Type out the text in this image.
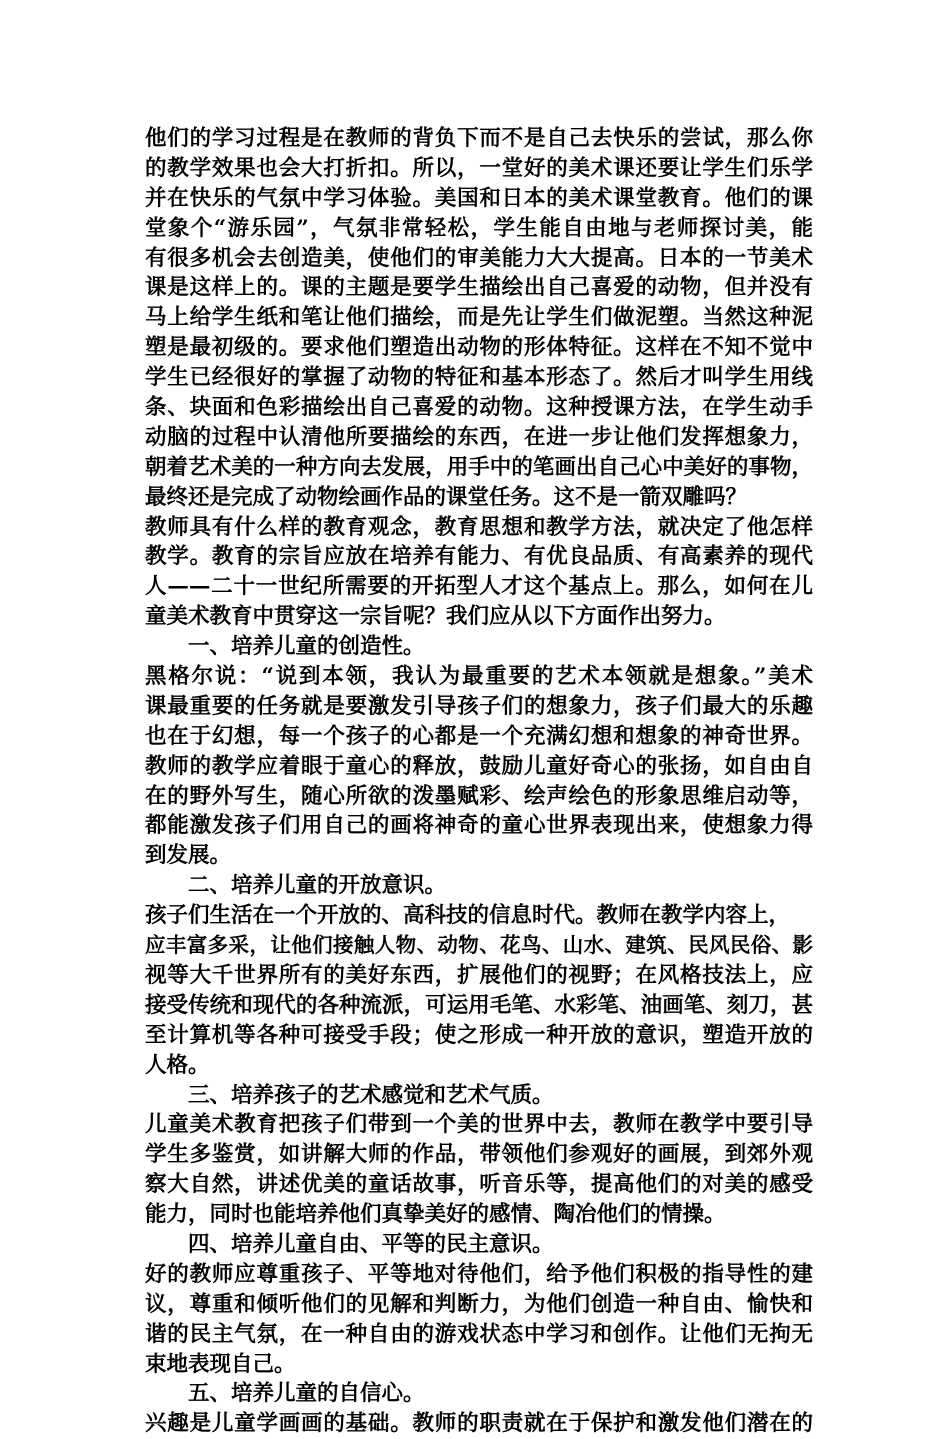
他们的学习过程是在教师的背负下而不是自己去快乐的尝试，那么你
的教学效果也会大打折扣。所以，一堂好的美术课还要让学生们乐学
并在快乐的气氛中学习体验。美国和日本的美术课堂教育。他们的课
堂象个“游乐园”，气氛非常轻松，学生能自由地与老师探讨美，能
有很多机会去创造美，使他们的审美能力大大提高。日本的一节美术
课是这样上的。课的主题是要学生描绘出自己喜爱的动物，但并没有
马上给学生纸和笔让他们描绘，而是先让学生们做泥塑。当然这种泥
塑是最初级的。要求他们塑造出动物的形体特征。这样在不知不觉中
学生已经很好的掌握了动物的特征和基本形态了。然后才叫学生用线
条、块面和色彩描绘出自己喜爱的动物。这种授课方法，在学生动手
动脑的过程中认清他所要描绘的东西，在进一步让他们发挥想象力，
朝着艺术美的一种方向去发展，用手中的笔画出自己心中美好的事物，
最终还是完成了动物绘画作品的课堂任务。这不是一箭双雕吗？
教师具有什么样的教育观念，教育思想和教学方法，就决定了他怎样
教学。教育的宗旨应放在培养有能力、有优良品质、有高素养的现代
人——二十一世纪所需要的开拓型人才这个基点上。那么，如何在儿
童美术教育中贯穿这一宗旨呢？我们应从以下方面作出努力。
一、培养儿童的创造性。
黑格尔说：“说到本领，我认为最重要的艺术本领就是想象。”美术
课最重要的任务就是要激发引导孩子们的想象力，孩子们最大的乐趣
也在于幻想，每一个孩子的心都是一个充满幻想和想象的神奇世界。
教师的教学应着眼于童心的释放，鼓励儿童好奇心的张扬，如自由自
在的野外写生，随心所欲的泼墨赋彩、绘声绘色的形象思维启动等，
都能激发孩子们用自己的画将神奇的童心世界表现出来，使想象力得
到发展。
二、培养儿童的开放意识。
孩子们生活在一个开放的、高科技的信息时代。教师在教学内容上，
应丰富多采，让他们接触人物、动物、花鸟、山水、建筑、民风民俗、影
视等大千世界所有的美好东西，扩展他们的视野；在风格技法上，应
接受传统和现代的各种流派，可运用毛笔、水彩笔、油画笔、刻刀，甚
至计算机等各种可接受手段；使之形成一种开放的意识，塑造开放的
人格。
三、培养孩子的艺术感觉和艺术气质。
儿童美术教育把孩子们带到一个美的世界中去，教师在教学中要引导
学生多鉴赏，如讲解大师的作品，带领他们参观好的画展，到郊外观
察大自然，讲述优美的童话故事，听音乐等，提高他们的对美的感受
能力，同时也能培养他们真挚美好的感情、陶冶他们的情操。
四、培养儿童自由、平等的民主意识。
好的教师应尊重孩子、平等地对待他们，给予他们积极的指导性的建
议，尊重和倾听他们的见解和判断力，为他们创造一种自由、愉快和
谐的民主气氛，在一种自由的游戏状态中学习和创作。让他们无拘无
束地表现自己。
五、培养儿童的自信心。
兴趣是儿童学画画的基础。教师的职责就在于保护和激发他们潜在的
